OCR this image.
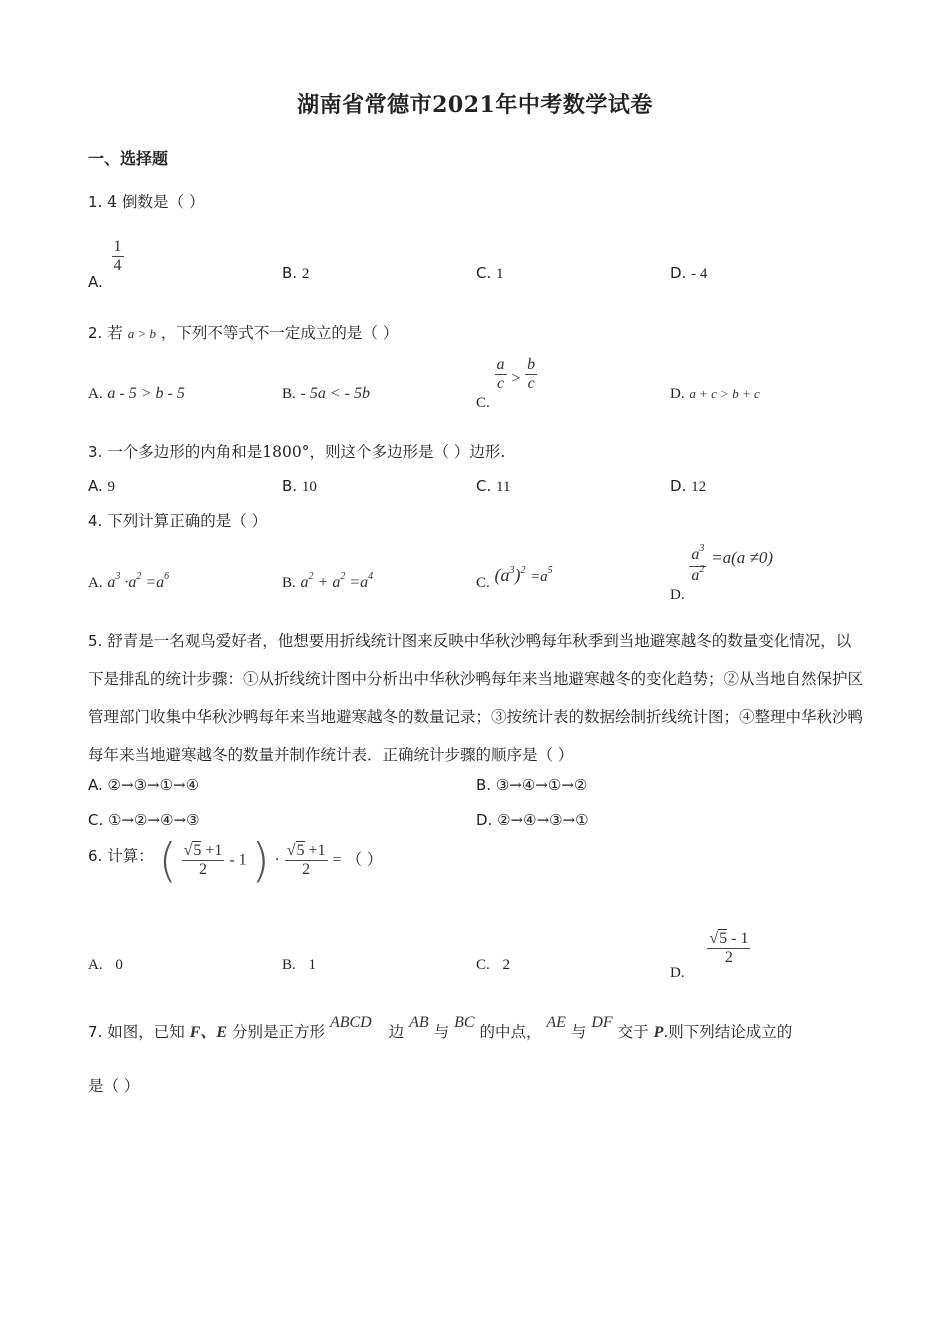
湖南省常德市2021年中考数学试卷
一、选择题
1. 4 倒数是（ ）
A.
$\frac{1}{4}$	B. 2	C. 1	D. - 4
2. 若 a > b ，下列不等式不一定成立的是（ ）
A. a - 5 > b - 5	B. - 5a < - 5b
C.
$\frac{a}{c} > \frac{b}{c}$
D. a + c > b + c
3. 一个多边形的内角和是1800°，则这个多边形是（ ）边形.
A. 9	B. 10	C. 11	D. 12
4. 下列计算正确的是（ ）
A. $a^3 \cdot a^2 =a^6$	B. $a^2 + a^2 =a^4$	C. $(a^3)^2 =a^5$
D.
$\frac{a^3}{a^2} =a(a \ne 0)$
5. 舒青是一名观鸟爱好者，他想要用折线统计图来反映中华秋沙鸭每年秋季到当地避寒越冬的数量变化情况，以下是排乱的统计步骤：①从折线统计图中分析出中华秋沙鸭每年来当地避寒越冬的变化趋势；②从当地自然保护区管理部门收集中华秋沙鸭每年来当地避寒越冬的数量记录；③按统计表的数据绘制折线统计图；④整理中华秋沙鸭每年来当地避寒越冬的数量并制作统计表．正确统计步骤的顺序是（ ）
A. ②→③→①→④	B. ③→④→①→②
C. ①→②→④→③	D. ②→④→③→①
6. 计算： ( $\frac{√5 +1}{2} - 1$ ) · $\frac{√5 +1}{2}$ = （ ）
A. 0	B. 1	C. 2	D.
$\frac{√5 - 1}{2}$
7. 如图，已知 F、E 分别是正方形 ABCD 边 AB 与 BC 的中点， AE 与 DF 交于 P.则下列结论成立的
是（ ）
